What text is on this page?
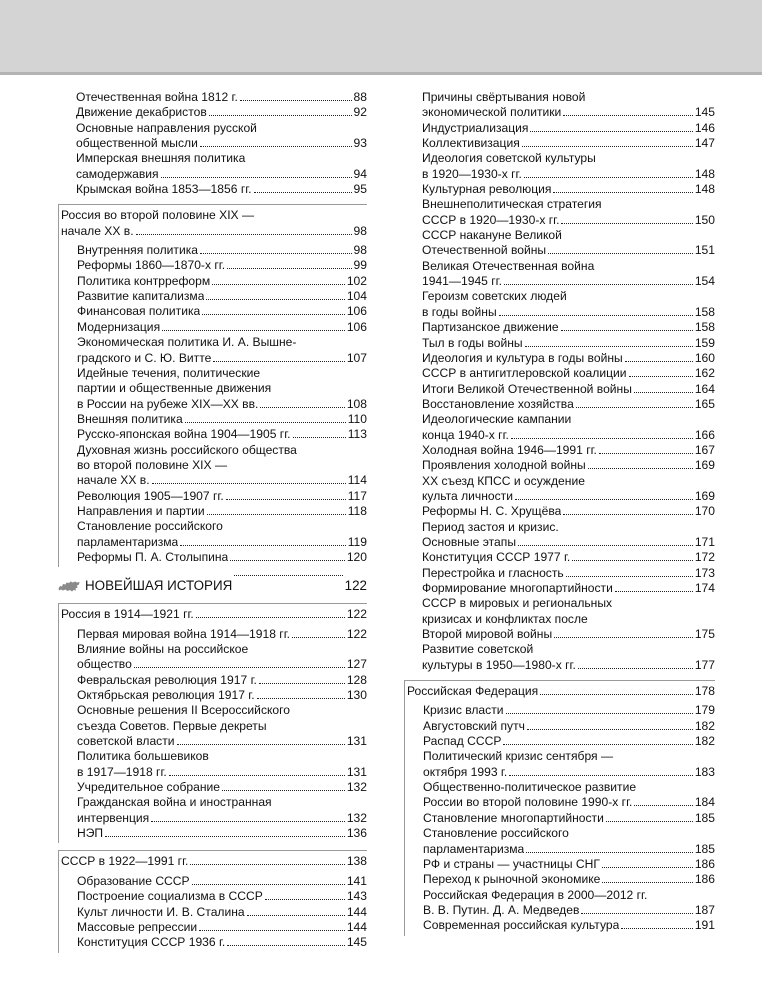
Отечественная война 1812 г.	88
Движение декабристов	92
Основные направления русской
общественной мысли	93
Имперская внешняя политика
самодержавия	94
Крымская война 1853—1856 гг.	95
Россия во второй половине XIX —
начале XX в.	98
Внутренняя политика	98
Реформы 1860—1870-х гг.	99
Политика контрреформ	102
Развитие капитализма	104
Финансовая политика	106
Модернизация	106
Экономическая политика И. А. Вышне-
градского и С. Ю. Витте	107
Идейные течения, политические
партии и общественные движения
в России на рубеже XIX—XX вв.	108
Внешняя политика	110
Русско-японская война 1904—1905 гг.	113
Духовная жизнь российского общества
во второй половине XIX —
начале XX в.	114
Революция 1905—1907 гг.	117
Направления и партии	118
Становление российского
парламентаризма	119
Реформы П. А. Столыпина	120
НОВЕЙШАЯ ИСТОРИЯ	122
Россия в 1914—1921 гг.	122
Первая мировая война 1914—1918 гг.	122
Влияние войны на российское
общество	127
Февральская революция 1917 г.	128
Октябрьская революция 1917 г.	130
Основные решения II Всероссийского
съезда Советов. Первые декреты
советской власти	131
Политика большевиков
в 1917—1918 гг.	131
Учредительное собрание	132
Гражданская война и иностранная
интервенция	132
НЭП	136
СССР в 1922—1991 гг.	138
Образование СССР	141
Построение социализма в СССР	143
Культ личности И. В. Сталина	144
Массовые репрессии	144
Конституция СССР 1936 г.	145
Причины свёртывания новой
экономической политики	145
Индустриализация	146
Коллективизация	147
Идеология советской культуры
в 1920—1930-х гг.	148
Культурная революция	148
Внешнеполитическая стратегия
СССР в 1920—1930-х гг.	150
СССР накануне Великой
Отечественной войны	151
Великая Отечественная война
1941—1945 гг.	154
Героизм советских людей
в годы войны	158
Партизанское движение	158
Тыл в годы войны	159
Идеология и культура в годы войны	160
СССР в антигитлеровской коалиции	162
Итоги Великой Отечественной войны	164
Восстановление хозяйства	165
Идеологические кампании
конца 1940-х гг.	166
Холодная война 1946—1991 гг.	167
Проявления холодной войны	169
XX съезд КПСС и осуждение
культа личности	169
Реформы Н. С. Хрущёва	170
Период застоя и кризис.
Основные этапы	171
Конституция СССР 1977 г.	172
Перестройка и гласность	173
Формирование многопартийности	174
СССР в мировых и региональных
кризисах и конфликтах после
Второй мировой войны	175
Развитие советской
культуры в 1950—1980-х гг.	177
Российская Федерация	178
Кризис власти	179
Августовский путч	182
Распад СССР	182
Политический кризис сентября —
октября 1993 г.	183
Общественно-политическое развитие
России во второй половине 1990-х гг.	184
Становление многопартийности	185
Становление российского
парламентаризма	185
РФ и страны — участницы СНГ	186
Переход к рыночной экономике	186
Российская Федерация в 2000—2012 гг.
В. В. Путин. Д. А. Медведев	187
Современная российская культура	191
